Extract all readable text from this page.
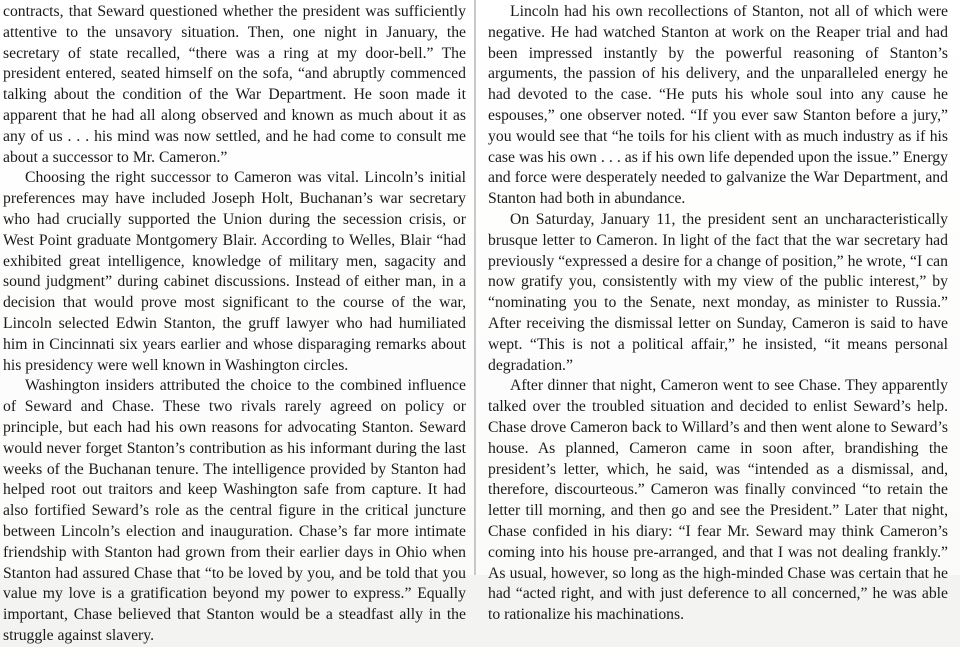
contracts, that Seward questioned whether the president was sufficiently attentive to the unsavory situation. Then, one night in January, the secretary of state recalled, “there was a ring at my door-bell.” The president entered, seated himself on the sofa, “and abruptly commenced talking about the condition of the War Department. He soon made it apparent that he had all along observed and known as much about it as any of us . . . his mind was now settled, and he had come to consult me about a successor to Mr. Cameron.”

Choosing the right successor to Cameron was vital. Lincoln’s initial preferences may have included Joseph Holt, Buchanan’s war secretary who had crucially supported the Union during the secession crisis, or West Point graduate Montgomery Blair. According to Welles, Blair “had exhibited great intelligence, knowledge of military men, sagacity and sound judgment” during cabinet discussions. Instead of either man, in a decision that would prove most significant to the course of the war, Lincoln selected Edwin Stanton, the gruff lawyer who had humiliated him in Cincinnati six years earlier and whose disparaging remarks about his presidency were well known in Washington circles.

Washington insiders attributed the choice to the combined influence of Seward and Chase. These two rivals rarely agreed on policy or principle, but each had his own reasons for advocating Stanton. Seward would never forget Stanton’s contribution as his informant during the last weeks of the Buchanan tenure. The intelligence provided by Stanton had helped root out traitors and keep Washington safe from capture. It had also fortified Seward’s role as the central figure in the critical juncture between Lincoln’s election and inauguration. Chase’s far more intimate friendship with Stanton had grown from their earlier days in Ohio when Stanton had assured Chase that “to be loved by you, and be told that you value my love is a gratification beyond my power to express.” Equally important, Chase believed that Stanton would be a steadfast ally in the struggle against slavery.

Lincoln had his own recollections of Stanton, not all of which were negative. He had watched Stanton at work on the Reaper trial and had been impressed instantly by the powerful reasoning of Stanton’s arguments, the passion of his delivery, and the unparalleled energy he had devoted to the case. “He puts his whole soul into any cause he espouses,” one observer noted. “If you ever saw Stanton before a jury,” you would see that “he toils for his client with as much industry as if his case was his own . . . as if his own life depended upon the issue.” Energy and force were desperately needed to galvanize the War Department, and Stanton had both in abundance.

On Saturday, January 11, the president sent an uncharacteristically brusque letter to Cameron. In light of the fact that the war secretary had previously “expressed a desire for a change of position,” he wrote, “I can now gratify you, consistently with my view of the public interest,” by “nominating you to the Senate, next monday, as minister to Russia.” After receiving the dismissal letter on Sunday, Cameron is said to have wept. “This is not a political affair,” he insisted, “it means personal degradation.”

After dinner that night, Cameron went to see Chase. They apparently talked over the troubled situation and decided to enlist Seward’s help. Chase drove Cameron back to Willard’s and then went alone to Seward’s house. As planned, Cameron came in soon after, brandishing the president’s letter, which, he said, was “intended as a dismissal, and, therefore, discourteous.” Cameron was finally convinced “to retain the letter till morning, and then go and see the President.” Later that night, Chase confided in his diary: “I fear Mr. Seward may think Cameron’s coming into his house pre-arranged, and that I was not dealing frankly.” As usual, however, so long as the high-minded Chase was certain that he had “acted right, and with just deference to all concerned,” he was able to rationalize his machinations.
